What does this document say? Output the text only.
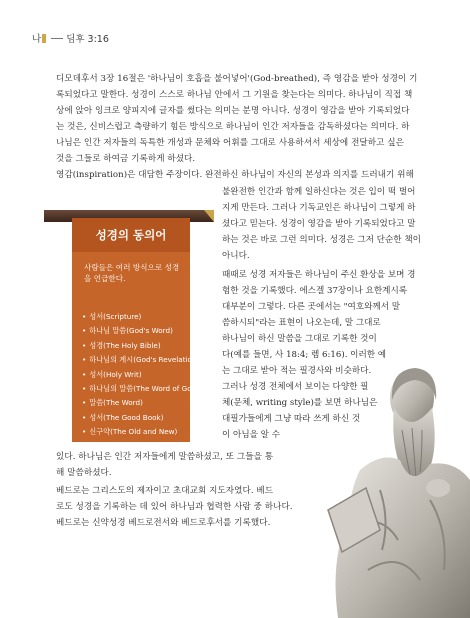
나	딤후 3:16
디모데후서 3장 16절은 '하나님이 호흡을 불어넣어'(God-breathed), 즉 영감을 받아 성경이 기
록되었다고 말한다. 성경이 스스로 하나님 안에서 그 기원을 찾는다는 의미다. 하나님이 직접 책
상에 앉아 잉크로 양피지에 글자를 썼다는 의미는 분명 아니다. 성경이 영감을 받아 기록되었다
는 것은, 신비스럽고 측량하기 힘든 방식으로 하나님이 인간 저자들을 감독하셨다는 의미다. 하
나님은 인간 저자들의 독특한 개성과 문체와 어휘를 그대로 사용하셔서 세상에 전달하고 싶은
것을 그들로 하여금 기록하게 하셨다.
영감(inspiration)은 대담한 주장이다. 완전하신 하나님이 자신의 본성과 의지를 드러내기 위해
불완전한 인간과 함께 일하신다는 것은 입이 떡 벌어
지게 만든다. 그러나 기독교인은 하나님이 그렇게 하
셨다고 믿는다. 성경이 영감을 받아 기록되었다고 말
하는 것은 바로 그런 의미다. 성경은 그저 단순한 책이
아니다.
때때로 성경 저자들은 하나님이 주신 환상을 보며 경
험한 것을 기록했다. 에스겔 37장이나 요한계시록
대부분이 그렇다. 다른 곳에서는 "여호와께서 말
씀하시되"라는 표현이 나오는데, 말 그대로
하나님이 하신 말씀을 그대로 기록한 것이
다(예를 들면, 사 18:4; 렘 6:16). 이러한 예
는 그대로 받아 적는 필경사와 비슷하다.
그러나 성경 전체에서 보이는 다양한 필
체(문체, writing style)를 보면 하나님은
대필가들에게 그냥 따라 쓰게 하신 것
이 아님을 알 수
있다. 하나님은 인간 저자들에게 말씀하셨고, 또 그들을 통
해 말씀하셨다.
베드로는 그리스도의 제자이고 초대교회 지도자였다. 베드
로도 성경을 기록하는 데 있어 하나님과 협력한 사람 중 하나다.
베드로는 신약성경 베드로전서와 베드로후서를 기록했다.
성경의 동의어
사람들은 여러 방식으로 성경을 언급한다.
• 성서(Scripture)
• 하나님 말씀(God's Word)
• 성경(The Holy Bible)
• 하나님의 계시(God's Revelation)
• 성서(Holy Writ)
• 하나님의 말씀(The Word of God)
• 말씀(The Word)
• 성서(The Good Book)
• 신구약(The Old and New)
• 진리의 말씀(Biblical Truth)
